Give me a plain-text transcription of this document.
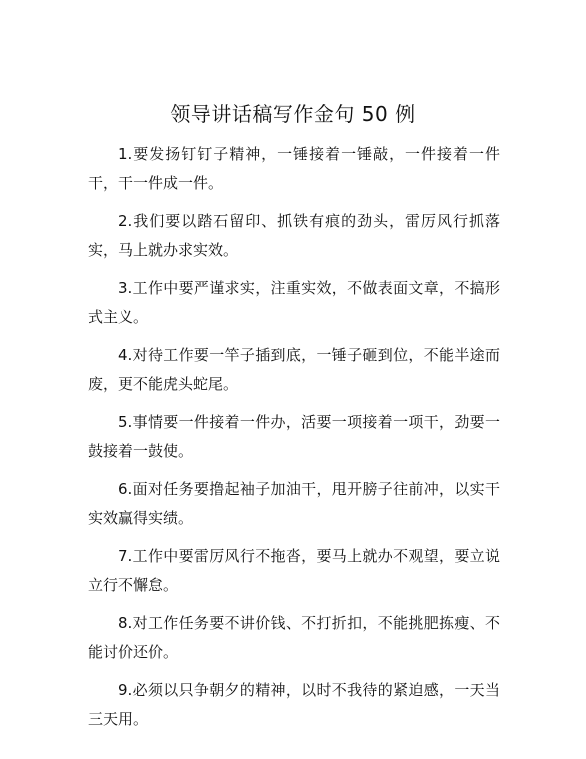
领导讲话稿写作金句 50 例

1.要发扬钉钉子精神，一锤接着一锤敲，一件接着一件干，干一件成一件。

2.我们要以踏石留印、抓铁有痕的劲头，雷厉风行抓落实，马上就办求实效。

3.工作中要严谨求实，注重实效，不做表面文章，不搞形式主义。

4.对待工作要一竿子插到底，一锤子砸到位，不能半途而废，更不能虎头蛇尾。

5.事情要一件接着一件办，活要一项接着一项干，劲要一鼓接着一鼓使。

6.面对任务要撸起袖子加油干，甩开膀子往前冲，以实干实效赢得实绩。

7.工作中要雷厉风行不拖沓，要马上就办不观望，要立说立行不懈怠。

8.对工作任务要不讲价钱、不打折扣，不能挑肥拣瘦、不能讨价还价。

9.必须以只争朝夕的精神，以时不我待的紧迫感，一天当三天用。
